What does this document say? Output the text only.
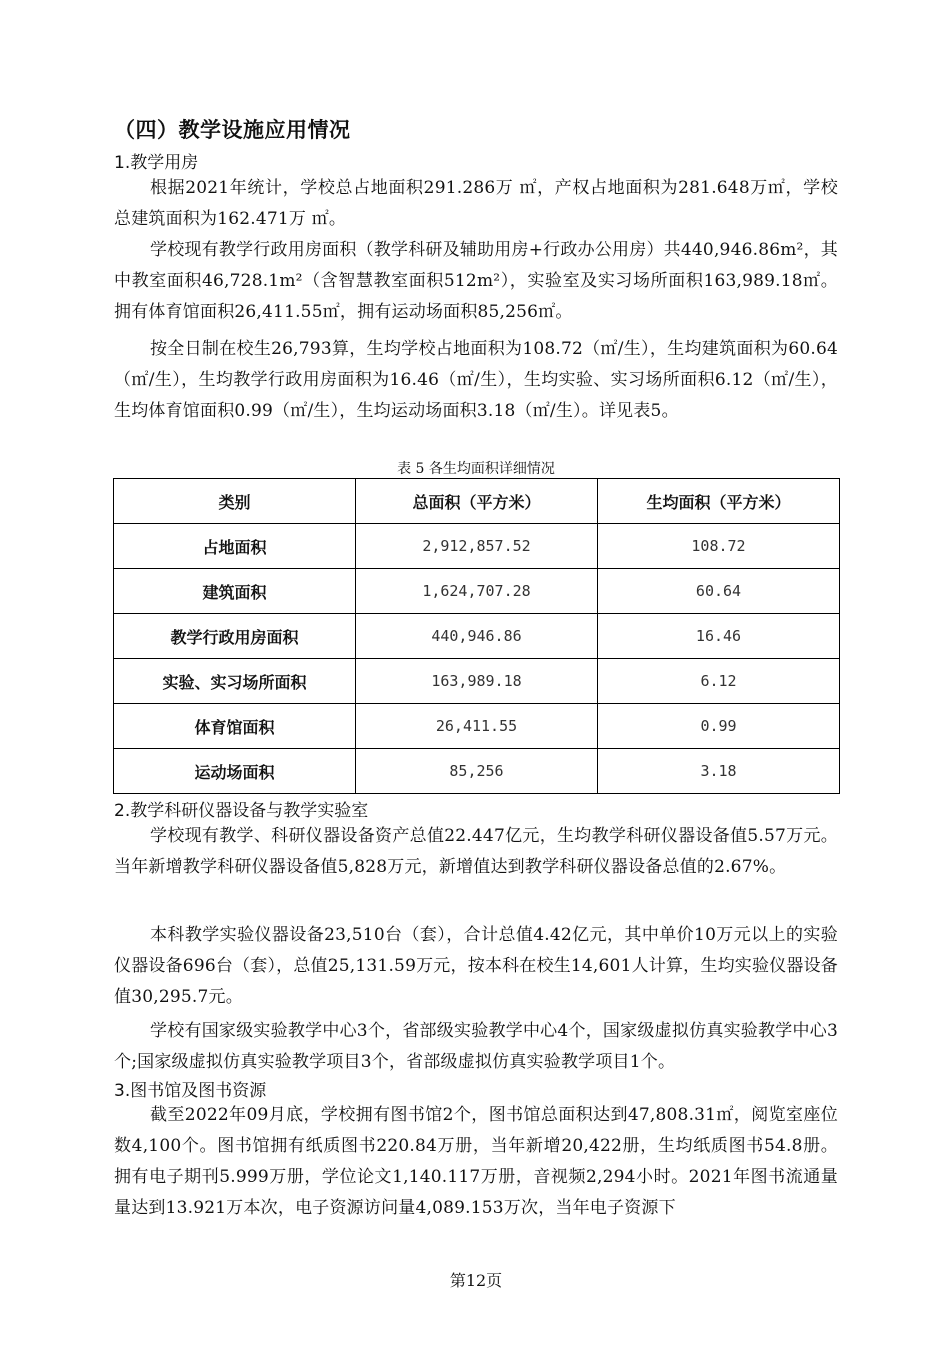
（四）教学设施应用情况
1.教学用房
根据2021年统计，学校总占地面积291.286万 ㎡，产权占地面积为281.648万㎡，学校总建筑面积为162.471万 ㎡。
学校现有教学行政用房面积（教学科研及辅助用房+行政办公用房）共440,946.86m²，其中教室面积46,728.1m²（含智慧教室面积512m²），实验室及实习场所面积163,989.18㎡。拥有体育馆面积26,411.55㎡，拥有运动场面积85,256㎡。
按全日制在校生26,793算，生均学校占地面积为108.72（㎡/生），生均建筑面积为60.64（㎡/生），生均教学行政用房面积为16.46（㎡/生），生均实验、实习场所面积6.12（㎡/生），生均体育馆面积0.99（㎡/生），生均运动场面积3.18（㎡/生）。详见表5。
表 5 各生均面积详细情况
类别	总面积（平方米）	生均面积（平方米）
占地面积	2,912,857.52	108.72
建筑面积	1,624,707.28	60.64
教学行政用房面积	440,946.86	16.46
实验、实习场所面积	163,989.18	6.12
体育馆面积	26,411.55	0.99
运动场面积	85,256	3.18
2.教学科研仪器设备与教学实验室
学校现有教学、科研仪器设备资产总值22.447亿元，生均教学科研仪器设备值5.57万元。当年新增教学科研仪器设备值5,828万元，新增值达到教学科研仪器设备总值的2.67%。
本科教学实验仪器设备23,510台（套），合计总值4.42亿元，其中单价10万元以上的实验仪器设备696台（套），总值25,131.59万元，按本科在校生14,601人计算，生均实验仪器设备值30,295.7元。
学校有国家级实验教学中心3个，省部级实验教学中心4个，国家级虚拟仿真实验教学中心3个;国家级虚拟仿真实验教学项目3个，省部级虚拟仿真实验教学项目1个。
3.图书馆及图书资源
截至2022年09月底，学校拥有图书馆2个，图书馆总面积达到47,808.31㎡，阅览室座位数4,100个。图书馆拥有纸质图书220.84万册，当年新增20,422册，生均纸质图书54.8册。拥有电子期刊5.999万册，学位论文1,140.117万册，音视频2,294小时。2021年图书流通量量达到13.921万本次，电子资源访问量4,089.153万次，当年电子资源下
第12页
